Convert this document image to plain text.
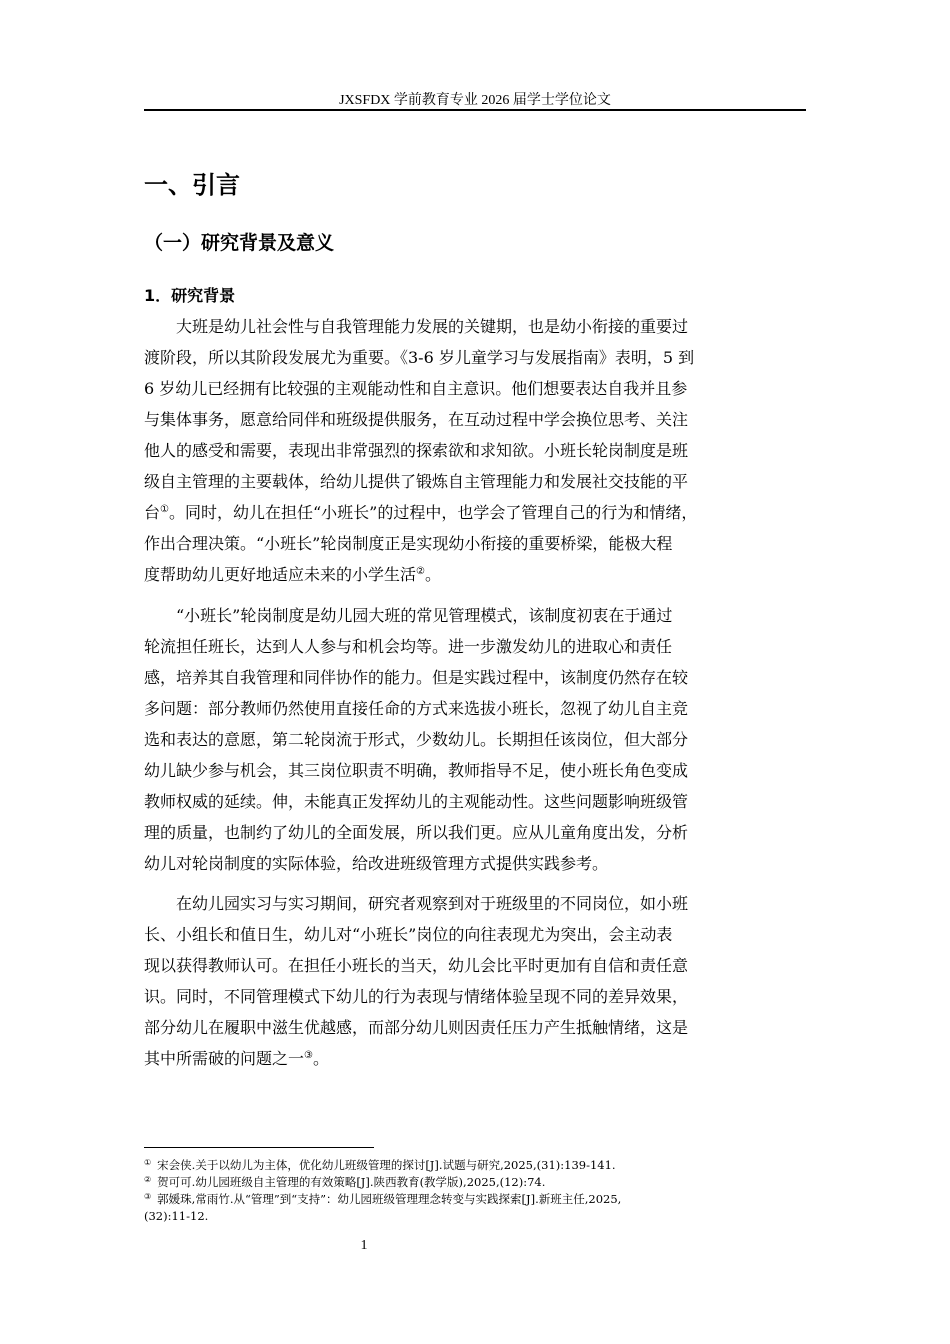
JXSFDX 学前教育专业 2026 届学士学位论文
一、引言
（一）研究背景及意义
1．研究背景
大班是幼儿社会性与自我管理能力发展的关键期，也是幼小衔接的重要过
渡阶段，所以其阶段发展尤为重要。《3-6 岁儿童学习与发展指南》表明，5 到
6 岁幼儿已经拥有比较强的主观能动性和自主意识。他们想要表达自我并且参
与集体事务，愿意给同伴和班级提供服务，在互动过程中学会换位思考、关注
他人的感受和需要，表现出非常强烈的探索欲和求知欲。小班长轮岗制度是班
级自主管理的主要载体，给幼儿提供了锻炼自主管理能力和发展社交技能的平
台①。同时，幼儿在担任“小班长”的过程中，也学会了管理自己的行为和情绪，
作出合理决策。“小班长”轮岗制度正是实现幼小衔接的重要桥梁，能极大程
度帮助幼儿更好地适应未来的小学生活②。
“小班长”轮岗制度是幼儿园大班的常见管理模式，该制度初衷在于通过
轮流担任班长，达到人人参与和机会均等。进一步激发幼儿的进取心和责任
感，培养其自我管理和同伴协作的能力。但是实践过程中，该制度仍然存在较
多问题：部分教师仍然使用直接任命的方式来选拔小班长，忽视了幼儿自主竞
选和表达的意愿，第二轮岗流于形式，少数幼儿。长期担任该岗位，但大部分
幼儿缺少参与机会，其三岗位职责不明确，教师指导不足，使小班长角色变成
教师权威的延续。伸，未能真正发挥幼儿的主观能动性。这些问题影响班级管
理的质量，也制约了幼儿的全面发展，所以我们更。应从儿童角度出发，分析
幼儿对轮岗制度的实际体验，给改进班级管理方式提供实践参考。
在幼儿园实习与实习期间，研究者观察到对于班级里的不同岗位，如小班
长、小组长和值日生，幼儿对“小班长”岗位的向往表现尤为突出，会主动表
现以获得教师认可。在担任小班长的当天，幼儿会比平时更加有自信和责任意
识。同时，不同管理模式下幼儿的行为表现与情绪体验呈现不同的差异效果，
部分幼儿在履职中滋生优越感，而部分幼儿则因责任压力产生抵触情绪，这是
其中所需破的问题之一③。
① 宋会侠.关于以幼儿为主体，优化幼儿班级管理的探讨[J].试题与研究,2025,(31):139-141.
② 贺可可.幼儿园班级自主管理的有效策略[J].陕西教育(教学版),2025,(12):74.
③ 郭媛珠,常雨竹.从“管理”到“支持”：幼儿园班级管理理念转变与实践探索[J].新班主任,2025,
(32):11-12.
1
